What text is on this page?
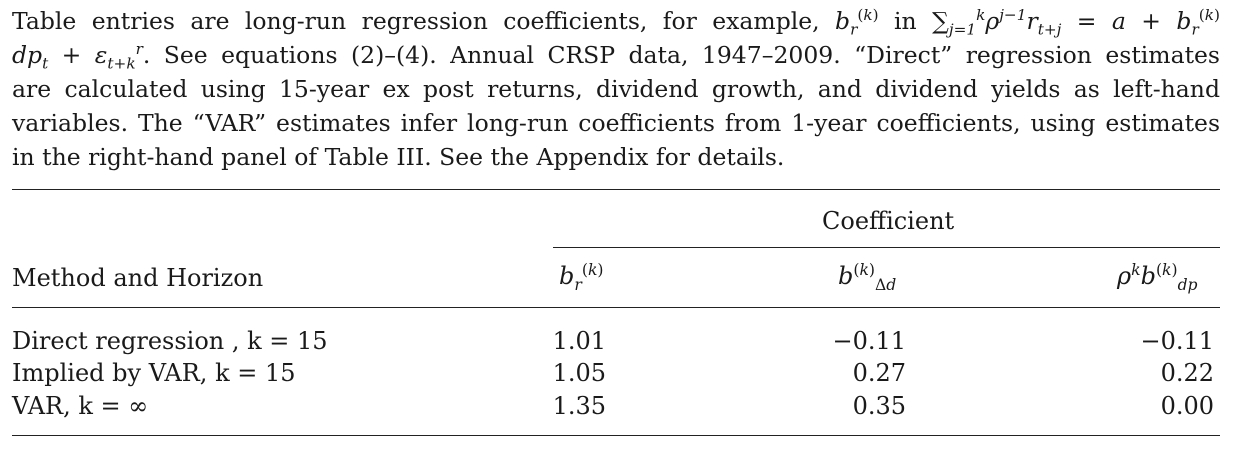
Table entries are long-run regression coefficients, for example, $b_r^{(k)}$ in $\sum_{j=1}^k\rho^{j-1}r_{t+j} = a + b_r^{(k)}$
$dp_t + \varepsilon_{t+k}^r$. See equations (2)–(4). Annual CRSP data, 1947–2009. “Direct” regression estimates
are calculated using 15-year ex post returns, dividend growth, and dividend yields as left-hand
variables. The “VAR” estimates infer long-run coefficients from 1-year coefficients, using estimates
in the right-hand panel of Table III. See the Appendix for details.
Coefficient
Method and Horizon	$b_r^{(k)}$	$b^{(k)}_{\Delta d}$	$\rho^kb^{(k)}_{dp}$
Direct regression , k = 15	1.01	−0.11	−0.11
Implied by VAR, k = 15	1.05	0.27	0.22
VAR, k = ∞	1.35	0.35	0.00
